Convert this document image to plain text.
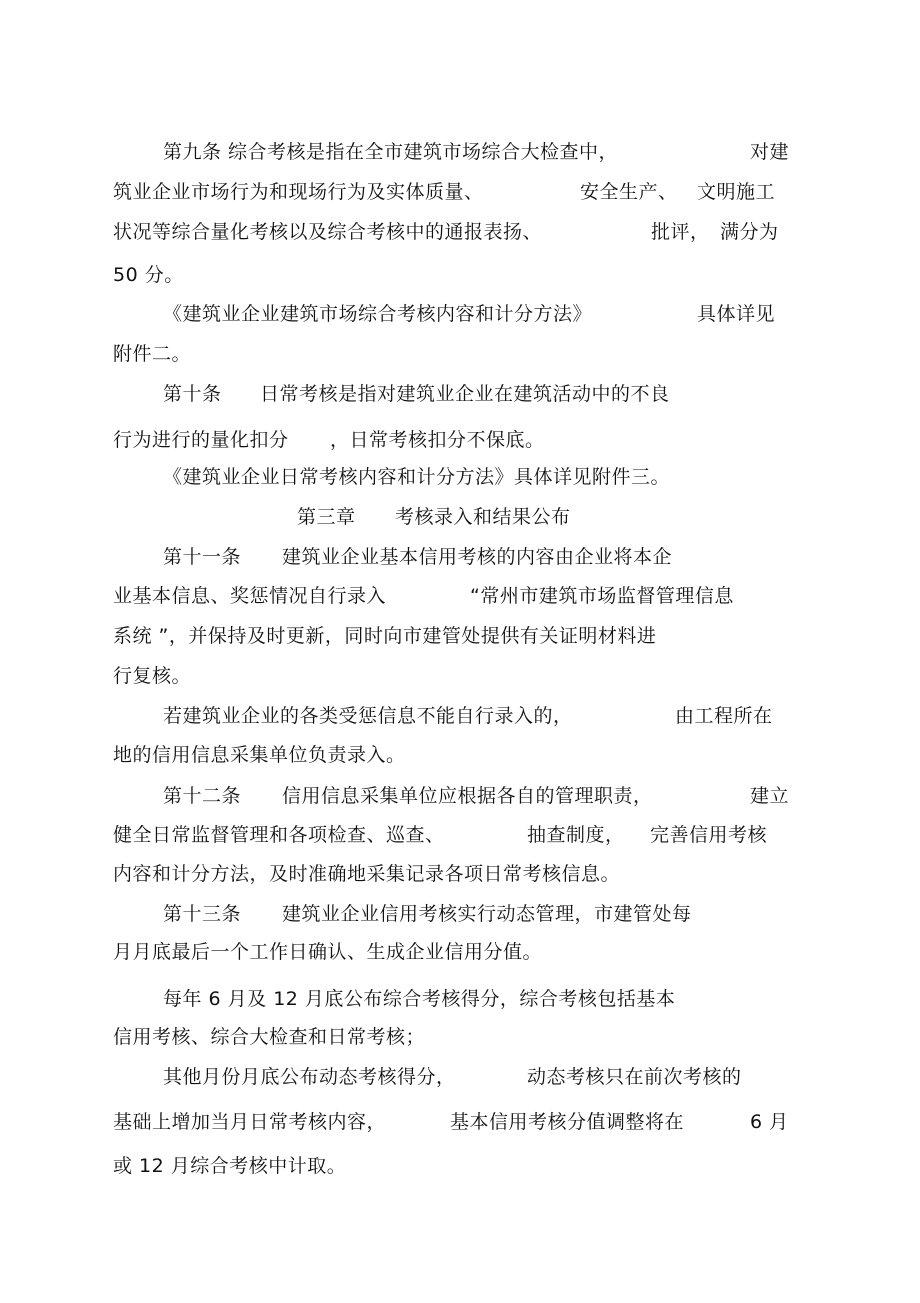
第九条 综合考核是指在全市建筑市场综合大检查中，	对建
筑业企业市场行为和现场行为及实体质量、	安全生产、 文明施工
状况等综合量化考核以及综合考核中的通报表扬、	批评， 满分为
50 分。
《建筑业企业建筑市场综合考核内容和计分方法》	具体详见
附件二。
第十条 日常考核是指对建筑业企业在建筑活动中的不良
行为进行的量化扣分 ，日常考核扣分不保底。
《建筑业企业日常考核内容和计分方法》具体详见附件三。
第三章 考核录入和结果公布
第十一条 建筑业企业基本信用考核的内容由企业将本企
业基本信息、奖惩情况自行录入	“常州市建筑市场监督管理信息
系统 ”，并保持及时更新，同时向市建管处提供有关证明材料进
行复核。
若建筑业企业的各类受惩信息不能自行录入的，	由工程所在
地的信用信息采集单位负责录入。
第十二条 信用信息采集单位应根据各自的管理职责，	建立
健全日常监督管理和各项检查、巡查、	抽查制度， 完善信用考核
内容和计分方法，及时准确地采集记录各项日常考核信息。
第十三条 建筑业企业信用考核实行动态管理，市建管处每
月月底最后一个工作日确认、生成企业信用分值。
每年 6 月及 12 月底公布综合考核得分，综合考核包括基本
信用考核、综合大检查和日常考核；
其他月份月底公布动态考核得分，	动态考核只在前次考核的
基础上增加当月日常考核内容，	基本信用考核分值调整将在	6 月
或 12 月综合考核中计取。
